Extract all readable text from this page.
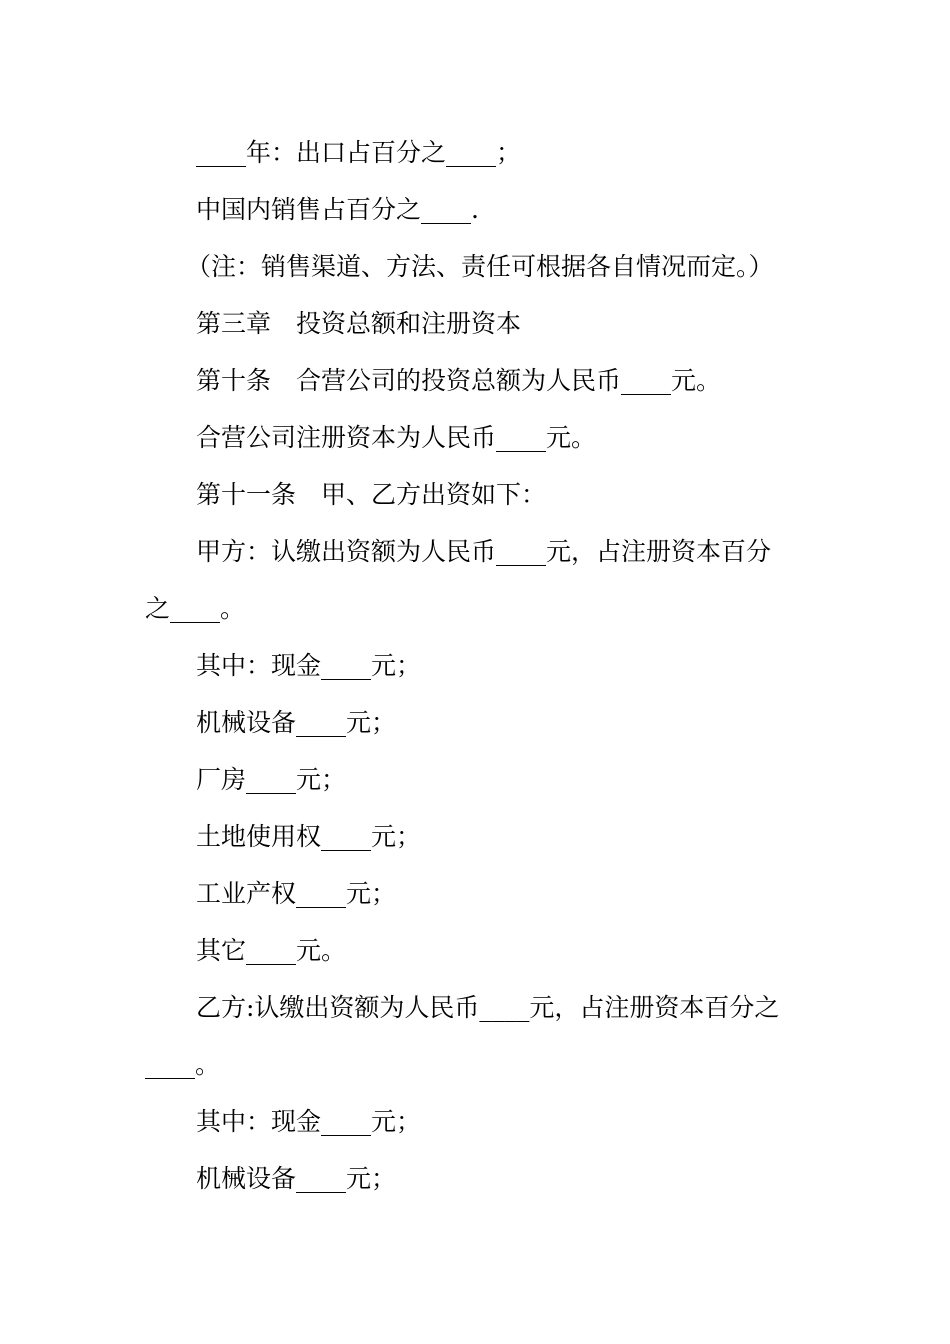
____年：出口占百分之____；
中国内销售占百分之____.
（注：销售渠道、方法、责任可根据各自情况而定。）
第三章　投资总额和注册资本
第十条　合营公司的投资总额为人民币____元。
合营公司注册资本为人民币____元。
第十一条　甲、乙方出资如下：
甲方：认缴出资额为人民币____元，占注册资本百分
之____。
其中：现金____元；
机械设备____元；
厂房____元；
土地使用权____元；
工业产权____元；
其它____元。
乙方:认缴出资额为人民币____元，占注册资本百分之
____。
其中：现金____元；
机械设备____元；
